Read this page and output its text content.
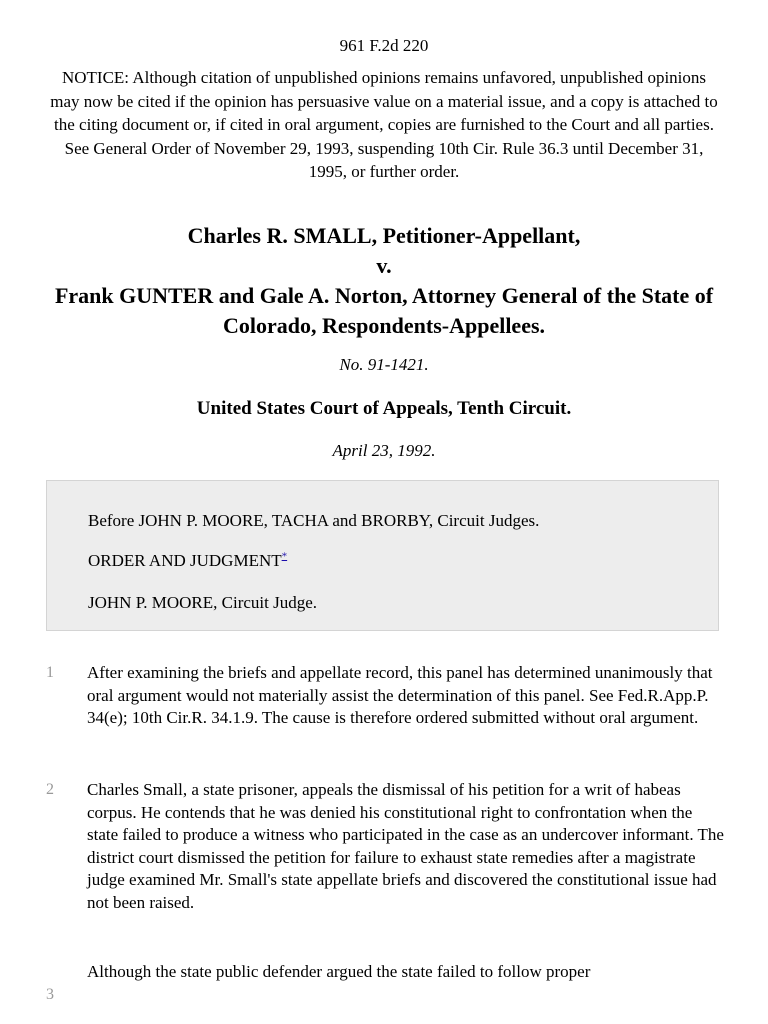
961 F.2d 220
NOTICE: Although citation of unpublished opinions remains unfavored, unpublished opinions may now be cited if the opinion has persuasive value on a material issue, and a copy is attached to the citing document or, if cited in oral argument, copies are furnished to the Court and all parties. See General Order of November 29, 1993, suspending 10th Cir. Rule 36.3 until December 31, 1995, or further order.
Charles R. SMALL, Petitioner-Appellant,
v.
Frank GUNTER and Gale A. Norton, Attorney General of the State of Colorado, Respondents-Appellees.
No. 91-1421.
United States Court of Appeals, Tenth Circuit.
April 23, 1992.
Before JOHN P. MOORE, TACHA and BRORBY, Circuit Judges.
ORDER AND JUDGMENT*
JOHN P. MOORE, Circuit Judge.
1 After examining the briefs and appellate record, this panel has determined unanimously that oral argument would not materially assist the determination of this panel. See Fed.R.App.P. 34(e); 10th Cir.R. 34.1.9. The cause is therefore ordered submitted without oral argument.
2 Charles Small, a state prisoner, appeals the dismissal of his petition for a writ of habeas corpus. He contends that he was denied his constitutional right to confrontation when the state failed to produce a witness who participated in the case as an undercover informant. The district court dismissed the petition for failure to exhaust state remedies after a magistrate judge examined Mr. Small's state appellate briefs and discovered the constitutional issue had not been raised.
3
Although the state public defender argued the state failed to follow proper
